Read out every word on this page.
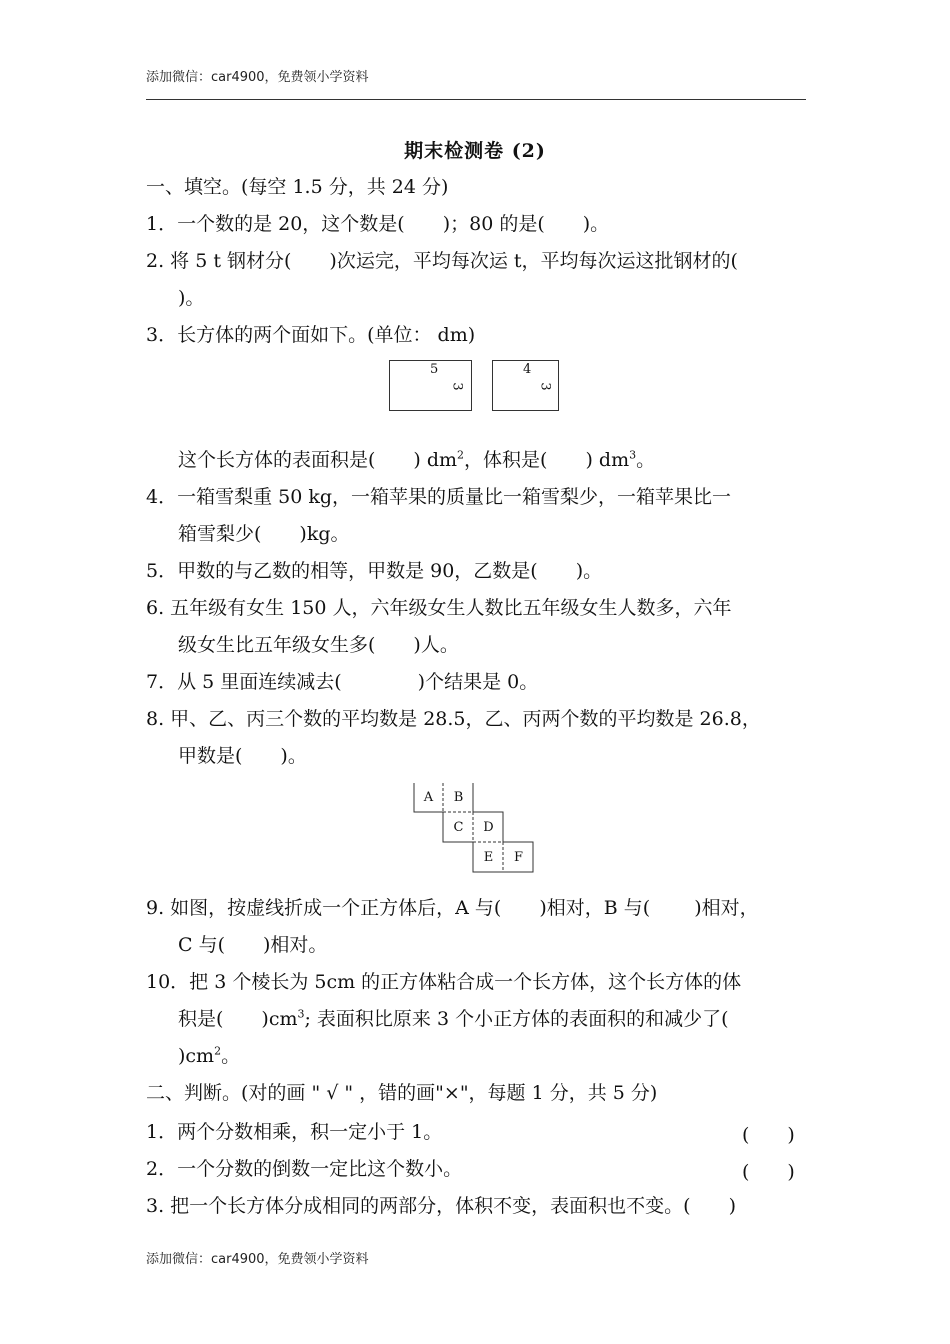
添加微信：car4900，免费领小学资料
期末检测卷 (2)
一、填空。(每空 1.5 分，共 24 分)
1．一个数的是 20，这个数是(　　)；80 的是(　　)。
2. 将 5 t 钢材分(　　)次运完，平均每次运 t，平均每次运这批钢材的(
)。
3．长方体的两个面如下。(单位： dm)
5
3
4
3
这个长方体的表面积是(　　) $dm^2$，体积是(　　) $dm^3$。
4．一箱雪梨重 50 kg，一箱苹果的质量比一箱雪梨少，一箱苹果比一
箱雪梨少(　　)kg。
5．甲数的与乙数的相等，甲数是 90，乙数是(　　)。
6. 五年级有女生 150 人，六年级女生人数比五年级女生人数多，六年
级女生比五年级女生多(　　)人。
7．从 5 里面连续减去(　　　　)个结果是 0。
8. 甲、乙、丙三个数的平均数是 28.5，乙、丙两个数的平均数是 26.8，
甲数是(　　)。
A	B
C	D
E	F
9. 如图，按虚线折成一个正方体后，A 与(　　)相对，B 与(　　 )相对，
C 与(　　)相对。
10．把 3 个棱长为 5cm 的正方体粘合成一个长方体，这个长方体的体
积是(　　)$cm^3$; 表面积比原来 3 个小正方体的表面积的和减少了(
)$cm^2$。
二、判断。(对的画 " √ " ，错的画"×"，每题 1 分，共 5 分)
1．两个分数相乘，积一定小于 1。	(　　)
2．一个分数的倒数一定比这个数小。	(　　)
3. 把一个长方体分成相同的两部分，体积不变，表面积也不变。(　　)
添加微信：car4900，免费领小学资料
